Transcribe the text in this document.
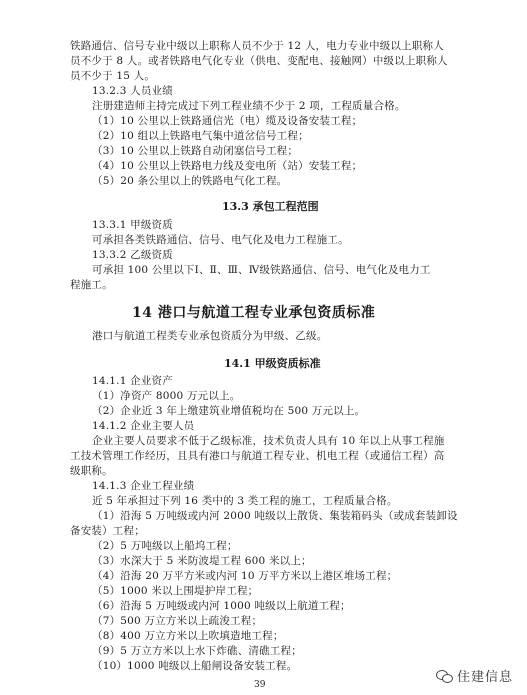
铁路通信、信号专业中级以上职称人员不少于 12 人，电力专业中级以上职称人
员不少于 8 人。或者铁路电气化专业（供电、变配电、接触网）中级以上职称人
员不少于 15 人。
13.2.3 人员业绩
注册建造师主持完成过下列工程业绩不少于 2 项，工程质量合格。
（1）10 公里以上铁路通信光（电）缆及设备安装工程；
（2）10 组以上铁路电气集中道岔信号工程；
（3）10 公里以上铁路自动闭塞信号工程；
（4）10 公里以上铁路电力线及变电所（站）安装工程；
（5）20 条公里以上的铁路电气化工程。
13.3 承包工程范围
13.3.1 甲级资质
可承担各类铁路通信、信号、电气化及电力工程施工。
13.3.2 乙级资质
可承担 100 公里以下Ⅰ、Ⅱ、Ⅲ、Ⅳ级铁路通信、信号、电气化及电力工
程施工。
14 港口与航道工程专业承包资质标准
港口与航道工程类专业承包资质分为甲级、乙级。
14.1 甲级资质标准
14.1.1 企业资产
（1）净资产 8000 万元以上。
（2）企业近 3 年上缴建筑业增值税均在 500 万元以上。
14.1.2 企业主要人员
企业主要人员要求不低于乙级标准，技术负责人具有 10 年以上从事工程施
工技术管理工作经历，且具有港口与航道工程专业、机电工程（或通信工程）高
级职称。
14.1.3 企业工程业绩
近 5 年承担过下列 16 类中的 3 类工程的施工，工程质量合格。
（1）沿海 5 万吨级或内河 2000 吨级以上散货、集装箱码头（或成套装卸设
备安装）工程；
（2）5 万吨级以上船坞工程；
（3）水深大于 5 米防波堤工程 600 米以上；
（4）沿海 20 万平方米或内河 10 万平方米以上港区堆场工程；
（5）1000 米以上围堤护岸工程；
（6）沿海 5 万吨级或内河 1000 吨级以上航道工程；
（7）500 万立方米以上疏浚工程；
（8）400 万立方米以上吹填造地工程；
（9）5 万立方米以上水下炸礁、清礁工程；
（10）1000 吨级以上船闸设备安装工程。
39	住建信息
